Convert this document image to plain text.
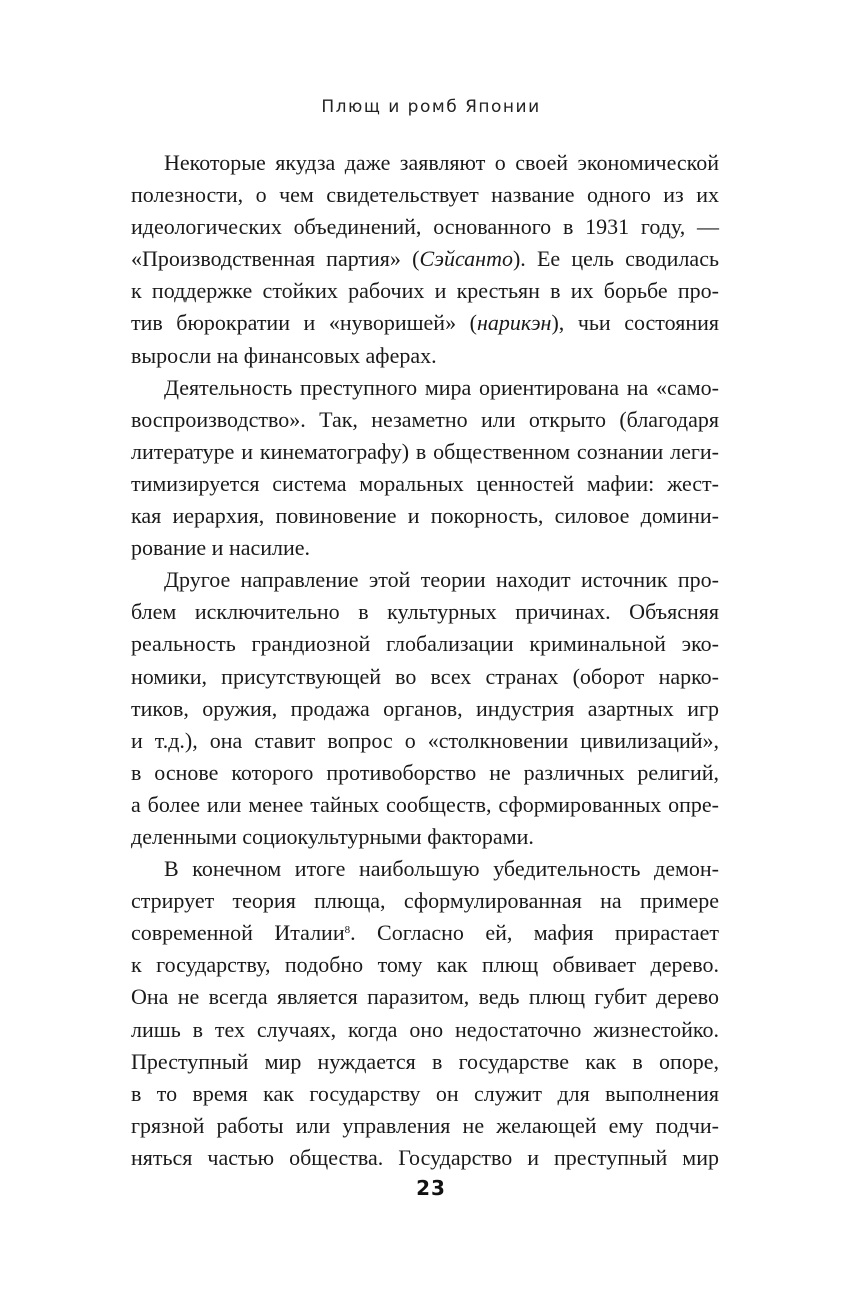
Плющ и ромб Японии
Некоторые якудза даже заявляют о своей экономической
полезности, о чем свидетельствует название одного из их
идеологических объединений, основанного в 1931 году, —
«Производственная партия» (Сэйсанто). Ее цель сводилась
к поддержке стойких рабочих и крестьян в их борьбе про-
тив бюрократии и «нуворишей» (нарикэн), чьи состояния
выросли на финансовых аферах.
Деятельность преступного мира ориентирована на «само-
воспроизводство». Так, незаметно или открыто (благодаря
литературе и кинематографу) в общественном сознании леги-
тимизируется система моральных ценностей мафии: жест-
кая иерархия, повиновение и покорность, силовое домини-
рование и насилие.
Другое направление этой теории находит источник про-
блем исключительно в культурных причинах. Объясняя
реальность грандиозной глобализации криминальной эко-
номики, присутствующей во всех странах (оборот нарко-
тиков, оружия, продажа органов, индустрия азартных игр
и т.д.), она ставит вопрос о «столкновении цивилизаций»,
в основе которого противоборство не различных религий,
а более или менее тайных сообществ, сформированных опре-
деленными социокультурными факторами.
В конечном итоге наибольшую убедительность демон-
стрирует теория плюща, сформулированная на примере
современной Италии$^8$. Согласно ей, мафия прирастает
к государству, подобно тому как плющ обвивает дерево.
Она не всегда является паразитом, ведь плющ губит дерево
лишь в тех случаях, когда оно недостаточно жизнестойко.
Преступный мир нуждается в государстве как в опоре,
в то время как государству он служит для выполнения
грязной работы или управления не желающей ему подчи-
няться частью общества. Государство и преступный мир
23
